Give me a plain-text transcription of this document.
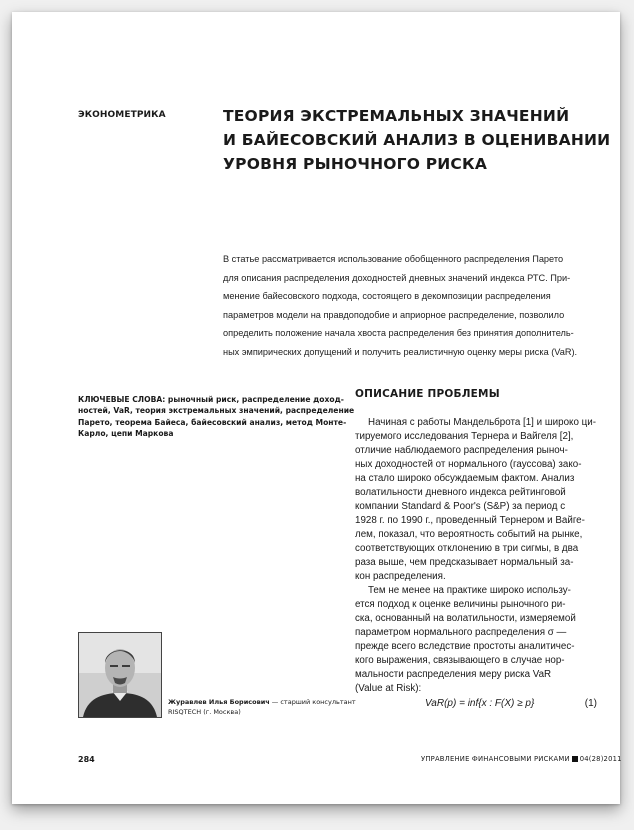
ЭКОНОМЕТРИКА	ТЕОРИЯ ЭКСТРЕМАЛЬНЫХ ЗНАЧЕНИЙ
И БАЙЕСОВСКИЙ АНАЛИЗ В ОЦЕНИВАНИИ
УРОВНЯ РЫНОЧНОГО РИСКА
В статье рассматривается использование обобщенного распределения Парето
для описания распределения доходностей дневных значений индекса РТС. При-
менение байесовского подхода, состоящего в декомпозиции распределения
параметров модели на правдоподобие и априорное распределение, позволило
определить положение начала хвоста распределения без принятия дополнитель-
ных эмпирических допущений и получить реалистичную оценку меры риска (VaR).
КЛЮЧЕВЫЕ СЛОВА: рыночный риск, распределение доход-
ностей, VaR, теория экстремальных значений, распределение
Парето, теорема Байеса, байесовский анализ, метод Монте-
Карло, цепи Маркова
Журавлев Илья Борисович — старший консультант
RISQTECH (г. Москва)
ОПИСАНИЕ ПРОБЛЕМЫ
Начиная с работы Мандельброта [1] и широко ци-
тируемого исследования Тернера и Вайгеля [2],
отличие наблюдаемого распределения рыноч-
ных доходностей от нормального (гауссова) зако-
на стало широко обсуждаемым фактом. Анализ
волатильности дневного индекса рейтинговой
компании Standard & Poor's (S&P) за период с
1928 г. по 1990 г., проведенный Тернером и Вайге-
лем, показал, что вероятность событий на рынке,
соответствующих отклонению в три сигмы, в два
раза выше, чем предсказывает нормальный за-
кон распределения.
Тем не менее на практике широко использу-
ется подход к оценке величины рыночного ри-
ска, основанный на волатильности, измеряемой
параметром нормального распределения σ —
прежде всего вследствие простоты аналитичес-
кого выражения, связывающего в случае нор-
мальности распределения меру риска VaR
(Value at Risk):
VaR(p) = inf{x : F(X) ≥ p}	(1)
284	УПРАВЛЕНИЕ ФИНАНСОВЫМИ РИСКАМИ 04(28)2011
